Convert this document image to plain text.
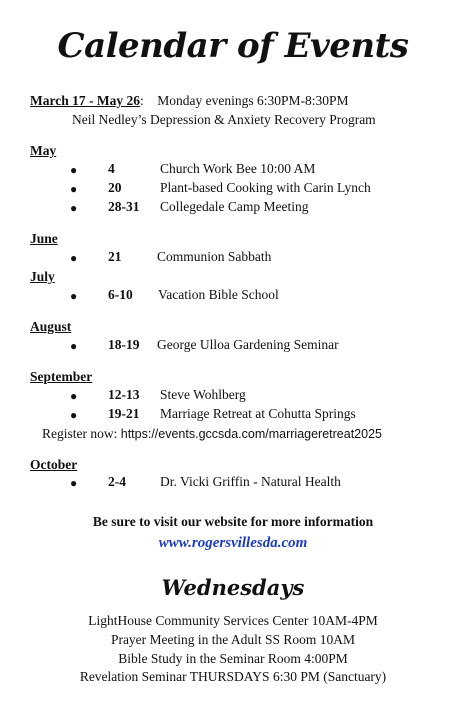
Calendar of Events
March 17 - May 26: Monday evenings 6:30PM-8:30PM
Neil Nedley’s Depression & Anxiety Recovery Program
May
● 4	Church Work Bee 10:00 AM
● 20	Plant-based Cooking with Carin Lynch
● 28-31 Collegedale Camp Meeting
June
● 21	Communion Sabbath
July
● 6-10 Vacation Bible School
August
● 18-19 George Ulloa Gardening Seminar
September
● 12-13 Steve Wohlberg
● 19-21 Marriage Retreat at Cohutta Springs
Register now: https://events.gccsda.com/marriageretreat2025
October
● 2-4	Dr. Vicki Griffin - Natural Health
Be sure to visit our website for more information
www.rogersvillesda.com
Wednesdays
LightHouse Community Services Center 10AM-4PM
Prayer Meeting in the Adult SS Room 10AM
Bible Study in the Seminar Room 4:00PM
Revelation Seminar THURSDAYS 6:30 PM (Sanctuary)
